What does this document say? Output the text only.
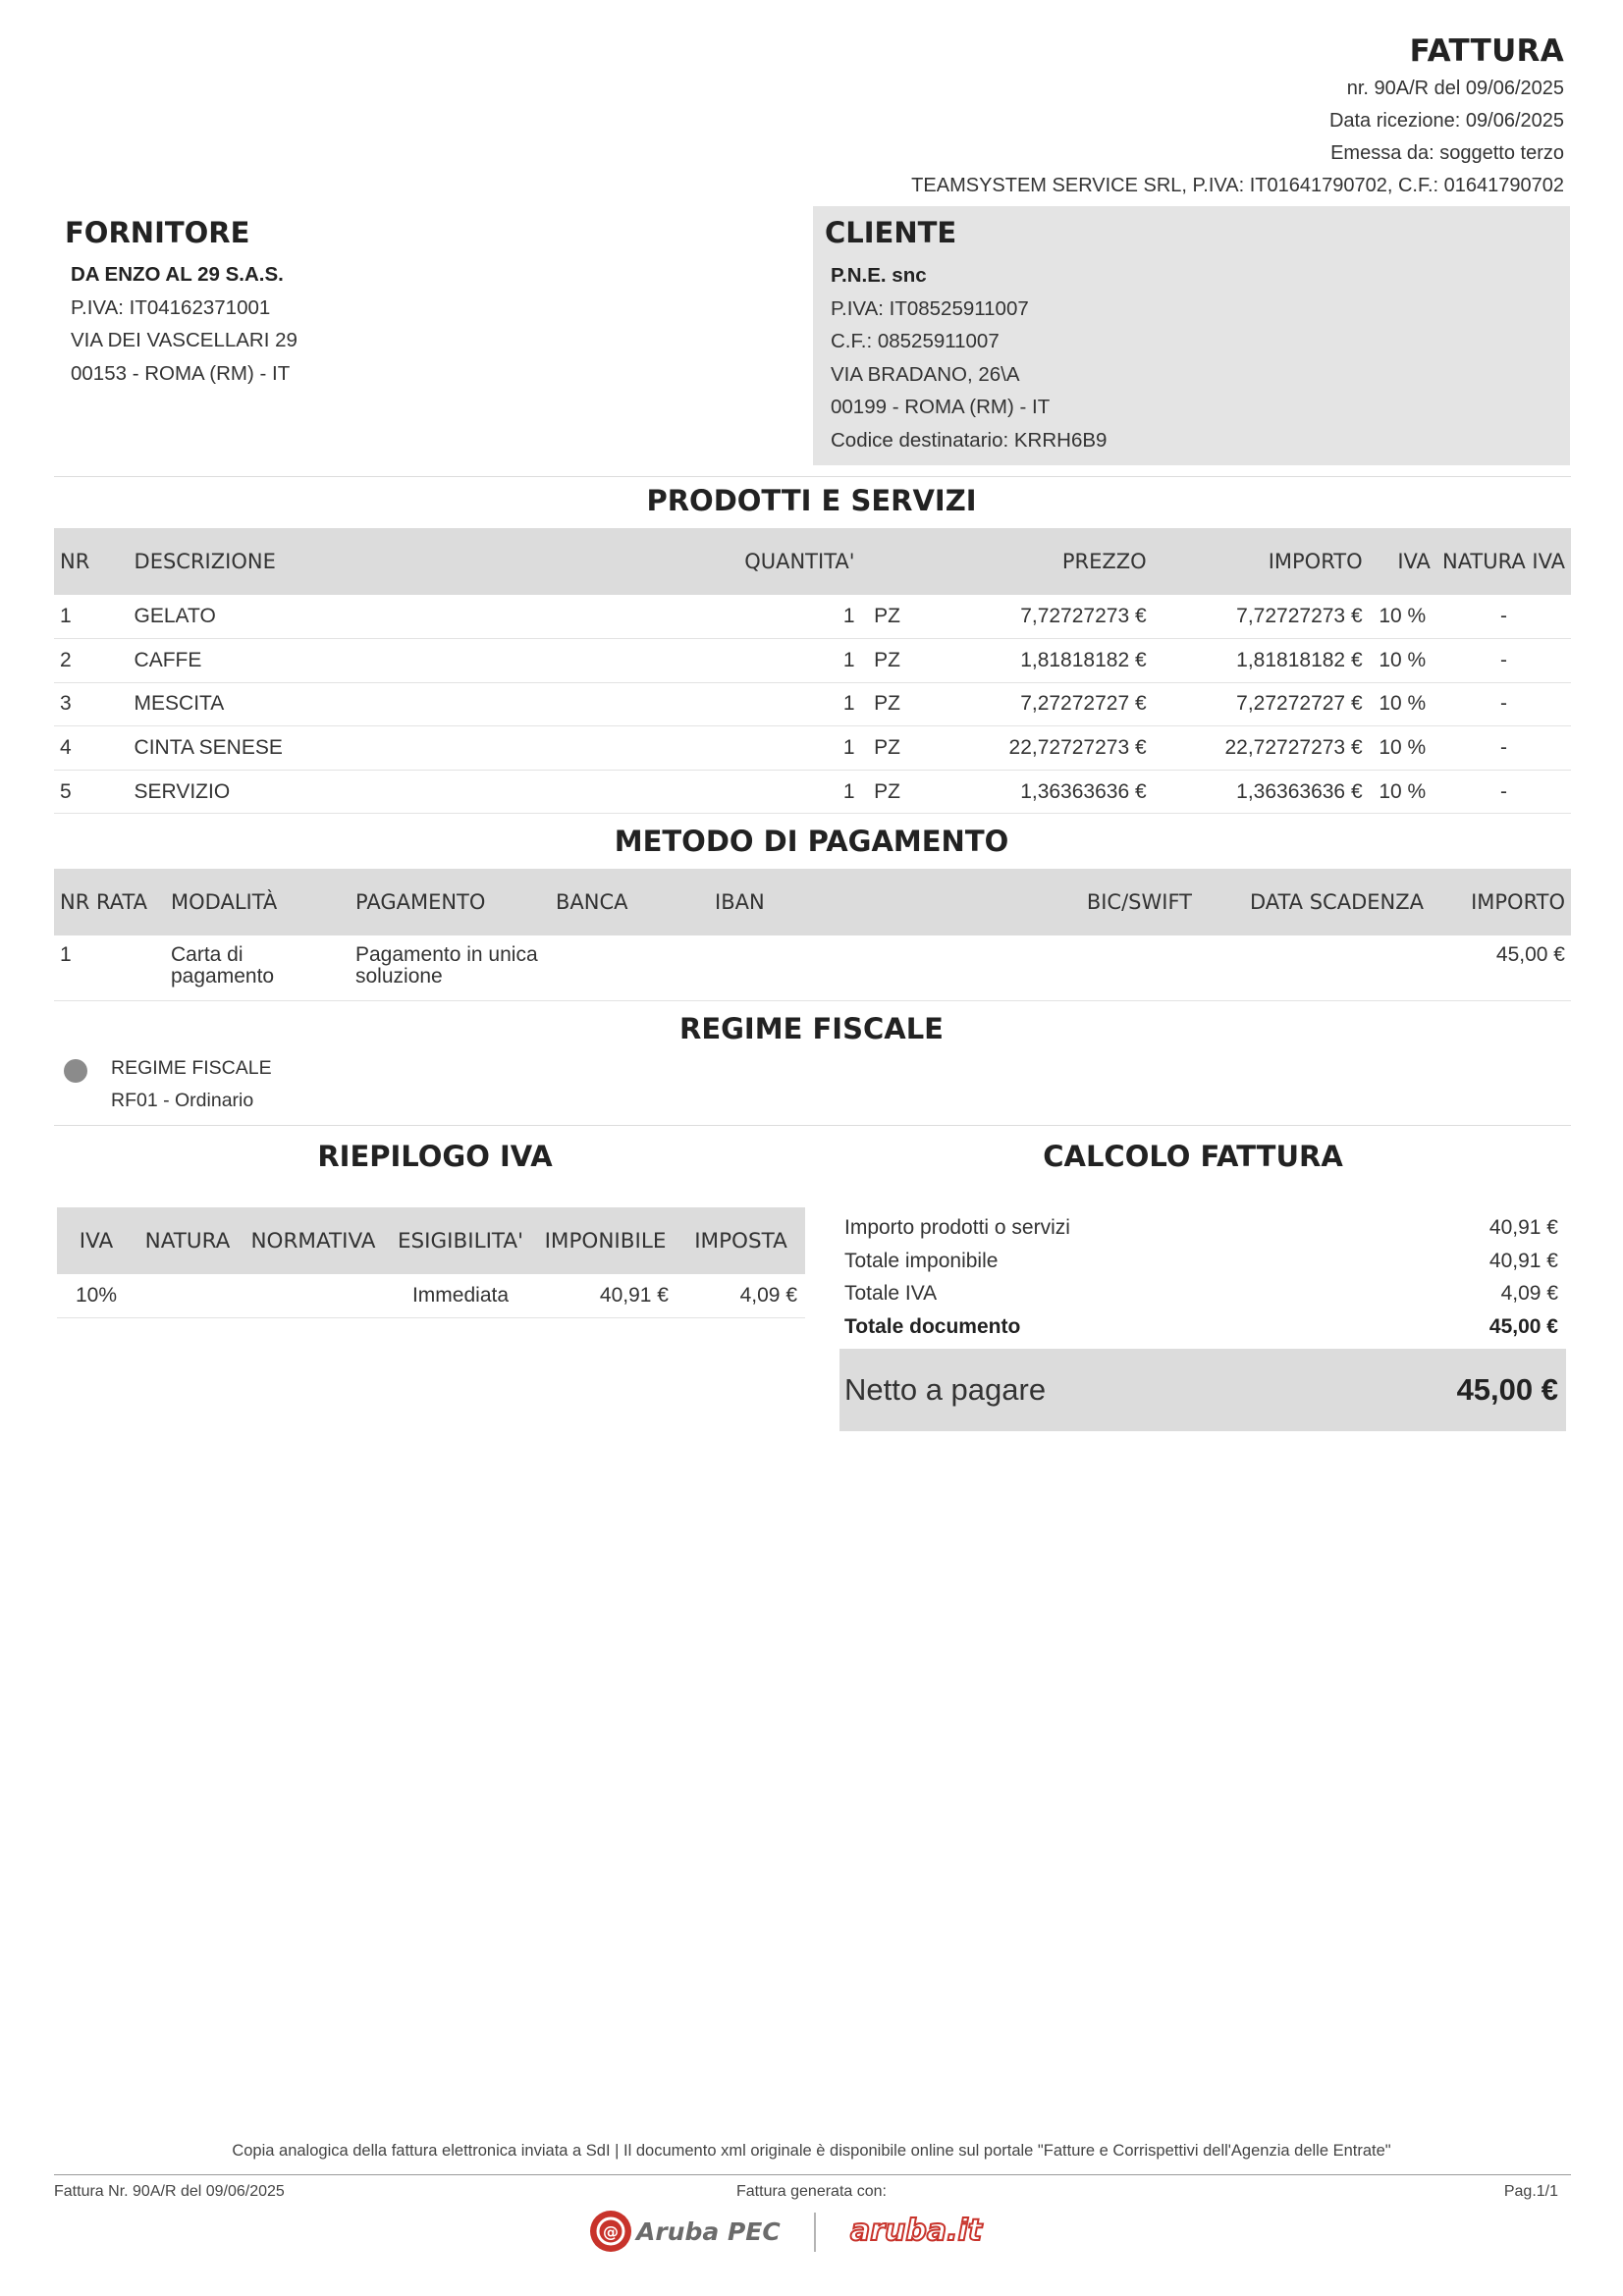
FATTURA
nr. 90A/R del 09/06/2025
Data ricezione: 09/06/2025
Emessa da: soggetto terzo
TEAMSYSTEM SERVICE SRL, P.IVA: IT01641790702, C.F.: 01641790702
FORNITORE
DA ENZO AL 29 S.A.S.
P.IVA: IT04162371001
VIA DEI VASCELLARI 29
00153 - ROMA (RM) - IT
CLIENTE
P.N.E. snc
P.IVA: IT08525911007
C.F.: 08525911007
VIA BRADANO, 26\A
00199 - ROMA (RM) - IT
Codice destinatario: KRRH6B9
PRODOTTI E SERVIZI
NR	DESCRIZIONE	QUANTITA'		PREZZO	IMPORTO	IVA	NATURA IVA
1	GELATO	1	PZ	7,72727273 €	7,72727273 €	10 %	-
2	CAFFE	1	PZ	1,81818182 €	1,81818182 €	10 %	-
3	MESCITA	1	PZ	7,27272727 €	7,27272727 €	10 %	-
4	CINTA SENESE	1	PZ	22,72727273 €	22,72727273 €	10 %	-
5	SERVIZIO	1	PZ	1,36363636 €	1,36363636 €	10 %	-
METODO DI PAGAMENTO
NR RATA	MODALITÀ	PAGAMENTO	BANCA	IBAN	BIC/SWIFT	DATA SCADENZA	IMPORTO
1	Carta di pagamento	Pagamento in unica soluzione					45,00 €
REGIME FISCALE
REGIME FISCALE
RF01 - Ordinario
RIEPILOGO IVA
IVA	NATURA	NORMATIVA	ESIGIBILITA'	IMPONIBILE	IMPOSTA
10%			Immediata	40,91 €	4,09 €
CALCOLO FATTURA
Importo prodotti o servizi	40,91 €
Totale imponibile	40,91 €
Totale IVA	4,09 €
Totale documento	45,00 €
Netto a pagare	45,00 €
Copia analogica della fattura elettronica inviata a SdI | Il documento xml originale è disponibile online sul portale "Fatture e Corrispettivi dell'Agenzia delle Entrate"
Fattura Nr. 90A/R del 09/06/2025	Fattura generata con:	Pag.1/1
@ Aruba PEC aruba.it
